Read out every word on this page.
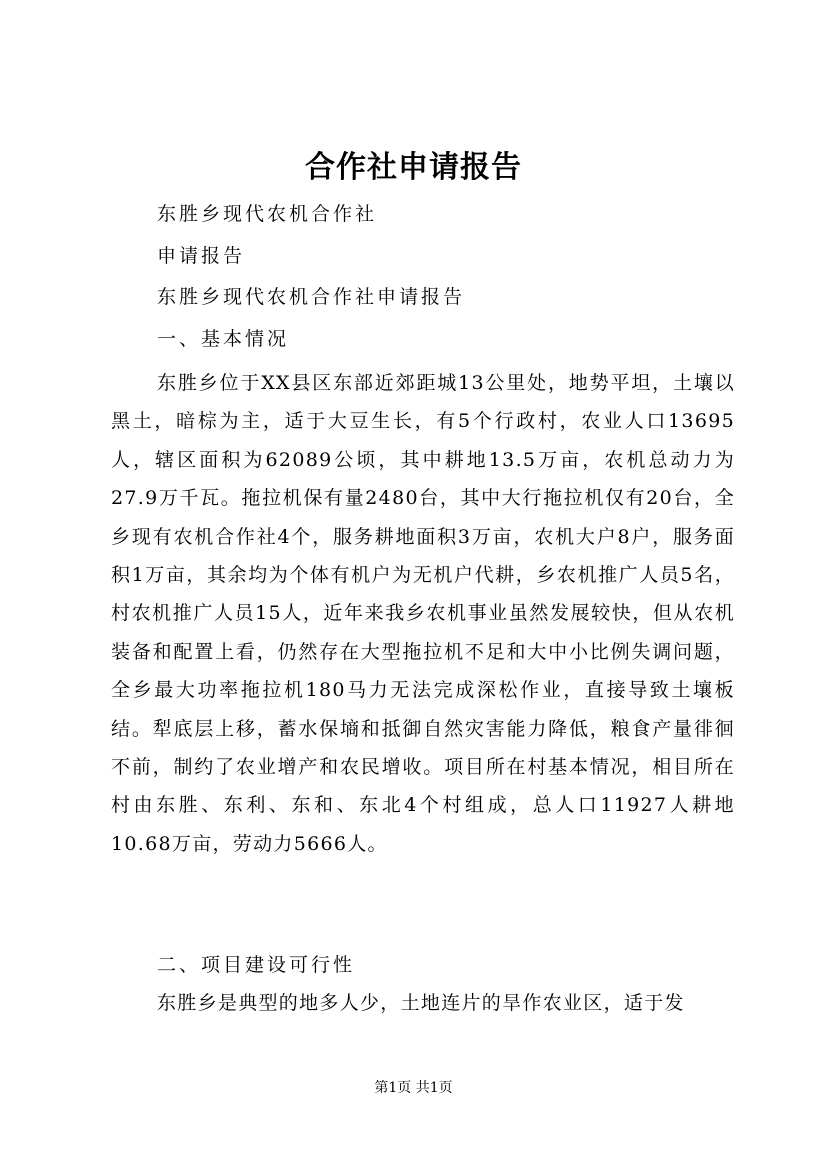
合作社申请报告
东胜乡现代农机合作社
申请报告
东胜乡现代农机合作社申请报告
一、基本情况

东胜乡位于XX县区东部近郊距城13公里处，地势平坦，土壤以黑土，暗棕为主，适于大豆生长，有5个行政村，农业人口13695人，辖区面积为62089公顷，其中耕地13.5万亩，农机总动力为27.9万千瓦。拖拉机保有量2480台，其中大行拖拉机仅有20台，全乡现有农机合作社4个，服务耕地面积3万亩，农机大户8户，服务面积1万亩，其余均为个体有机户为无机户代耕，乡农机推广人员5名，村农机推广人员15人，近年来我乡农机事业虽然发展较快，但从农机装备和配置上看，仍然存在大型拖拉机不足和大中小比例失调问题，全乡最大功率拖拉机180马力无法完成深松作业，直接导致土壤板结。犁底层上移，蓄水保墒和抵御自然灾害能力降低，粮食产量徘徊不前，制约了农业增产和农民增收。项目所在村基本情况，相目所在村由东胜、东利、东和、东北4个村组成，总人口11927人耕地10.68万亩，劳动力5666人。

二、项目建设可行性

东胜乡是典型的地多人少，土地连片的旱作农业区，适于发

第1页 共1页
